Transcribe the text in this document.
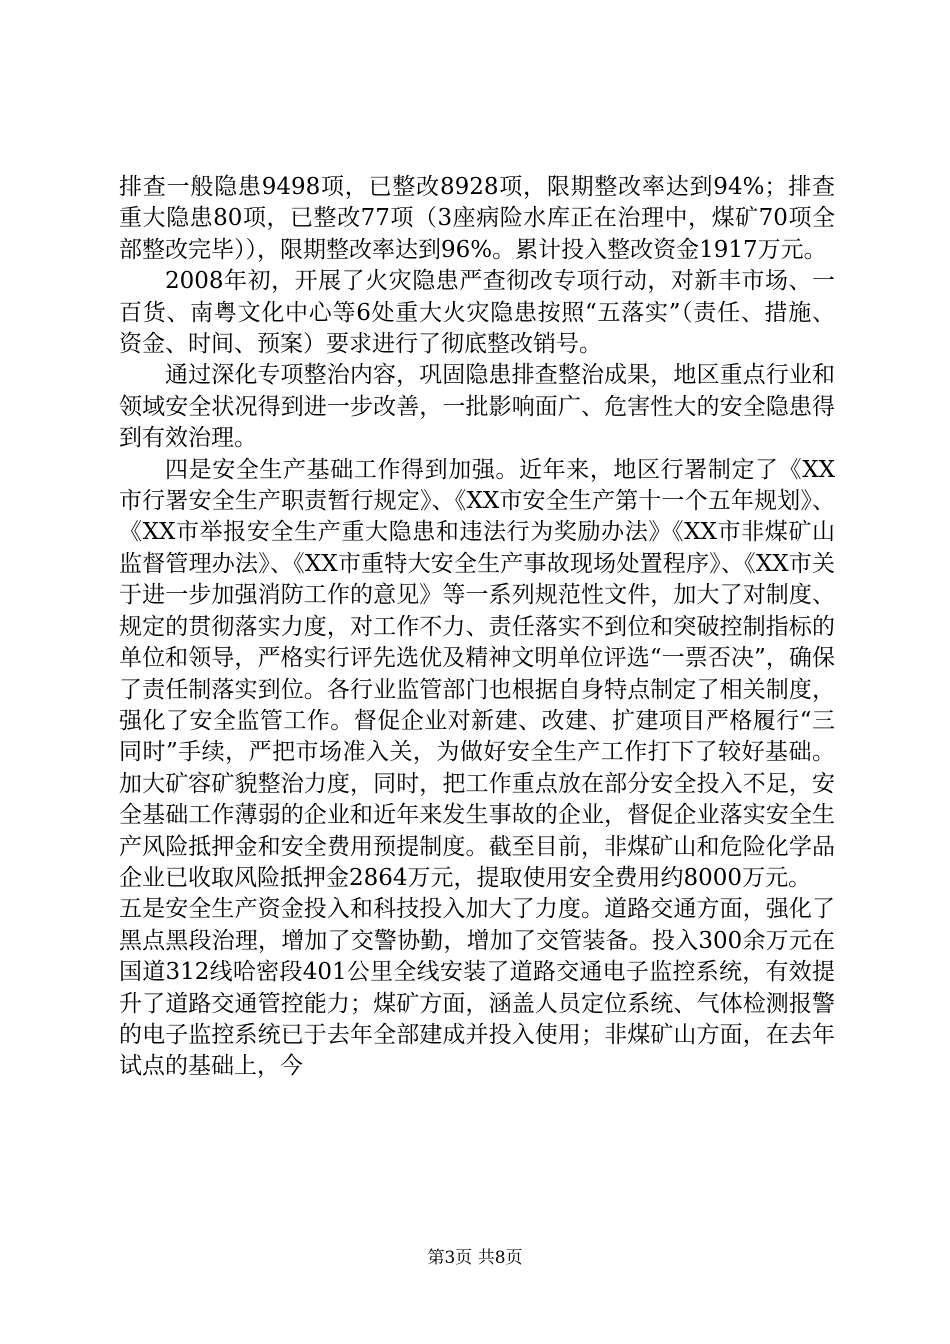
排查一般隐患9498项，已整改8928项，限期整改率达到94%；排查重大隐患80项，已整改77项（3座病险水库正在治理中，煤矿70项全部整改完毕）），限期整改率达到96%。累计投入整改资金1917万元。

2008年初，开展了火灾隐患严查彻改专项行动，对新丰市场、一百货、南粤文化中心等6处重大火灾隐患按照“五落实”（责任、措施、资金、时间、预案）要求进行了彻底整改销号。

通过深化专项整治内容，巩固隐患排查整治成果，地区重点行业和领域安全状况得到进一步改善，一批影响面广、危害性大的安全隐患得到有效治理。

四是安全生产基础工作得到加强。近年来，地区行署制定了《XX市行署安全生产职责暂行规定》、《XX市安全生产第十一个五年规划》、《XX市举报安全生产重大隐患和违法行为奖励办法》《XX市非煤矿山监督管理办法》、《XX市重特大安全生产事故现场处置程序》、《XX市关于进一步加强消防工作的意见》等一系列规范性文件，加大了对制度、规定的贯彻落实力度，对工作不力、责任落实不到位和突破控制指标的单位和领导，严格实行评先选优及精神文明单位评选“一票否决”，确保了责任制落实到位。各行业监管部门也根据自身特点制定了相关制度，强化了安全监管工作。督促企业对新建、改建、扩建项目严格履行“三同时”手续，严把市场准入关，为做好安全生产工作打下了较好基础。加大矿容矿貌整治力度，同时，把工作重点放在部分安全投入不足，安全基础工作薄弱的企业和近年来发生事故的企业，督促企业落实安全生产风险抵押金和安全费用预提制度。截至目前，非煤矿山和危险化学品企业已收取风险抵押金2864万元，提取使用安全费用约8000万元。

五是安全生产资金投入和科技投入加大了力度。道路交通方面，强化了黑点黑段治理，增加了交警协勤，增加了交管装备。投入300余万元在国道312线哈密段401公里全线安装了道路交通电子监控系统，有效提升了道路交通管控能力；煤矿方面，涵盖人员定位系统、气体检测报警的电子监控系统已于去年全部建成并投入使用；非煤矿山方面，在去年试点的基础上，今

第3页 共8页
